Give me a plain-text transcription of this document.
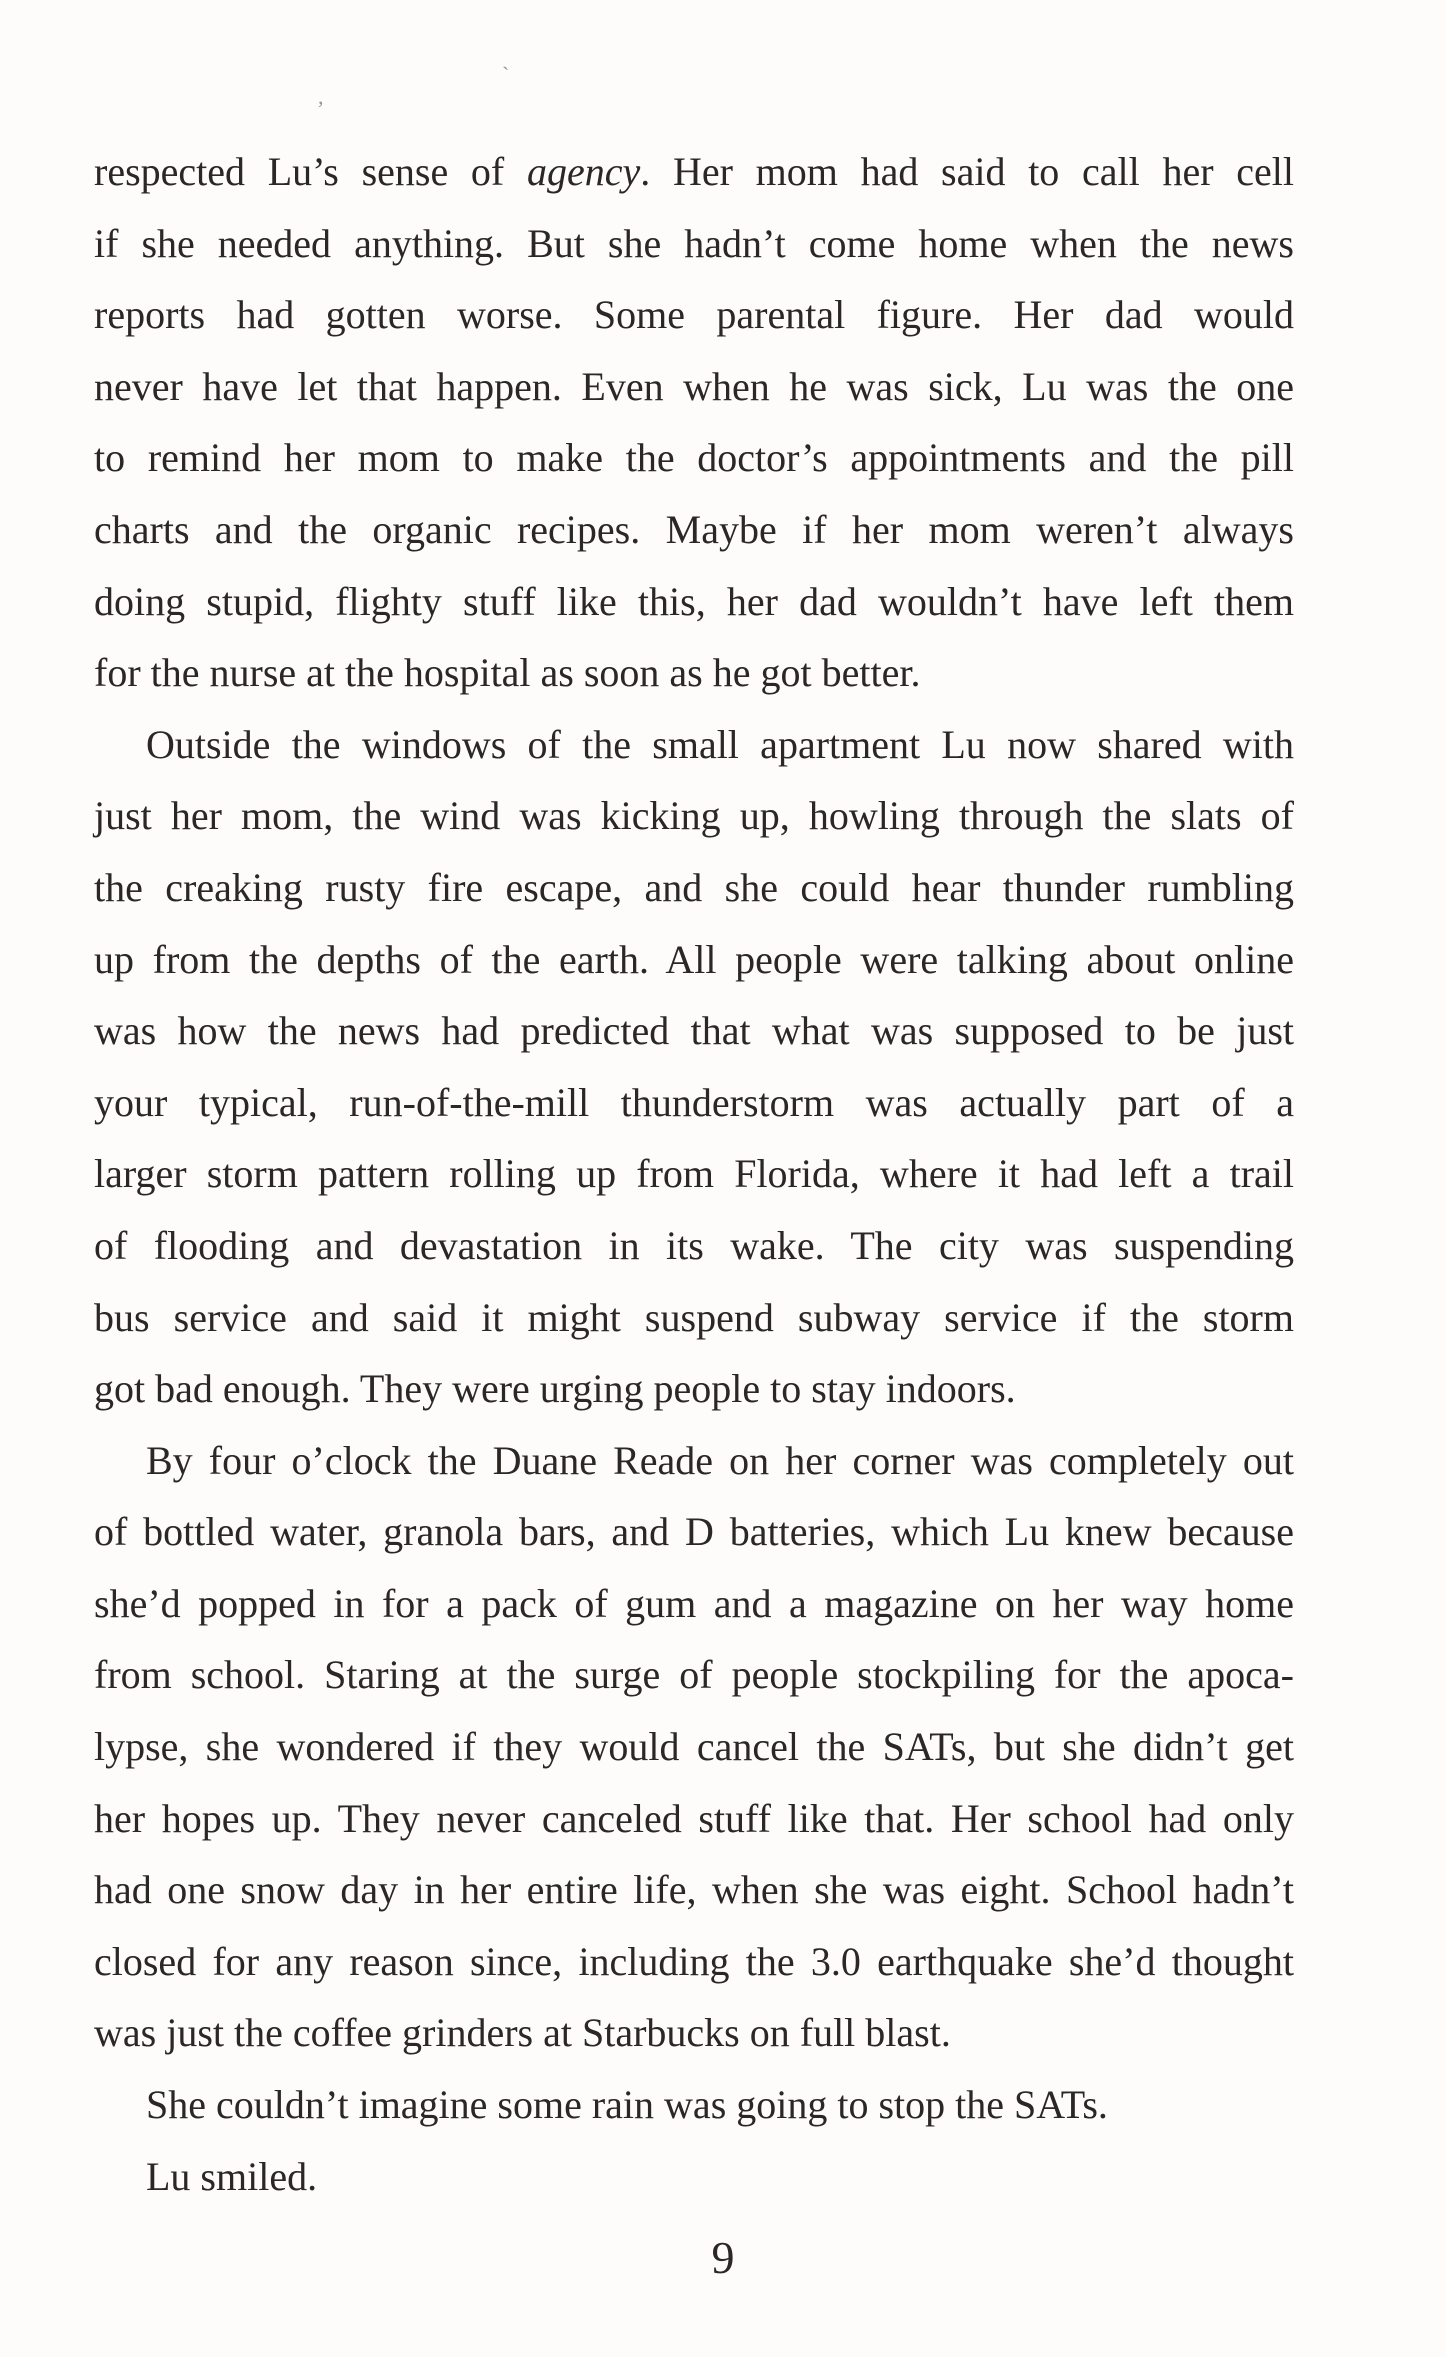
,
`
respected Lu’s sense of agency. Her mom had said to call her cell
if she needed anything. But she hadn’t come home when the news
reports had gotten worse. Some parental figure. Her dad would
never have let that happen. Even when he was sick, Lu was the one
to remind her mom to make the doctor’s appointments and the pill
charts and the organic recipes. Maybe if her mom weren’t always
doing stupid, flighty stuff like this, her dad wouldn’t have left them
for the nurse at the hospital as soon as he got better.
Outside the windows of the small apartment Lu now shared with
just her mom, the wind was kicking up, howling through the slats of
the creaking rusty fire escape, and she could hear thunder rumbling
up from the depths of the earth. All people were talking about online
was how the news had predicted that what was supposed to be just
your typical, run-of-the-mill thunderstorm was actually part of a
larger storm pattern rolling up from Florida, where it had left a trail
of flooding and devastation in its wake. The city was suspending
bus service and said it might suspend subway service if the storm
got bad enough. They were urging people to stay indoors.
By four o’clock the Duane Reade on her corner was completely out
of bottled water, granola bars, and D batteries, which Lu knew because
she’d popped in for a pack of gum and a magazine on her way home
from school. Staring at the surge of people stockpiling for the apoca-
lypse, she wondered if they would cancel the SATs, but she didn’t get
her hopes up. They never canceled stuff like that. Her school had only
had one snow day in her entire life, when she was eight. School hadn’t
closed for any reason since, including the 3.0 earthquake she’d thought
was just the coffee grinders at Starbucks on full blast.
She couldn’t imagine some rain was going to stop the SATs.
Lu smiled.
9
